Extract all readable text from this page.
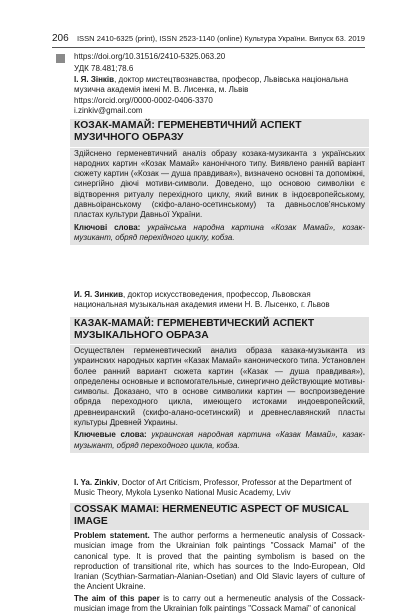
206	ISSN 2410-6325 (print), ISSN 2523-1140 (online) Культура України. Випуск 63. 2019
https://doi.org/10.31516/2410-5325.063.20
УДК 78.481;78.6

І. Я. Зінків, доктор мистецтвознавства, професор, Львівська національна музична академія імені М. В. Лисенка, м. Львів

https://orcid.org//0000-0002-0406-3370

i.zinkiv@gmail.com

КОЗАК-МАМАЙ: ГЕРМЕНЕВТИЧНИЙ АСПЕКТ МУЗИЧНОГО ОБРАЗУ

Здійснено герменевтичний аналіз образу козака-музиканта з українських народних картин «Козак Мамай» канонічного типу. Виявлено ранній варіант сюжету картин («Козак — душа правдивая»), визначено основні та допоміжні, синергійно діючі мотиви-символи. Доведено, що основою символіки є відтворення ритуалу перехідного циклу, який виник в індоєвропейському, давньоіранському (скіфо-алано-осетинському) та давньослов'янському пластах культури Давньої України.

Ключові слова: українська народна картина «Козак Мамай», козак-музикант, обряд перехідного циклу, кобза.

И. Я. Зинкив, доктор искусствоведения, профессор, Львовская национальная музыкальная академия имени Н. В. Лысенко, г. Львов

КАЗАК-МАМАЙ: ГЕРМЕНЕВТИЧЕСКИЙ АСПЕКТ МУЗЫКАЛЬНОГО ОБРАЗА

Осуществлен герменевтический анализ образа казака-музыканта из украинских народных картин «Казак Мамай» канонического типа. Установлен более ранний вариант сюжета картин («Казак — душа правдивая»), определены основные и вспомогательные, синергично действующие мотивы-символы. Доказано, что в основе символики картин — воспроизведение обряда переходного цикла, имеющего истоками индоевропейский, древнеиранский (скифо-алано-осетинский) и древнеславянский пласты культуры Древней Украины.

Ключевые слова: украинская народная картина «Казак Мамай», казак-музыкант, обряд переходного цикла, кобза.

I. Ya. Zinkiv, Doctor of Art Criticism, Professor, Professor at the Department of Music Theory, Mykola Lysenko National Music Academy, Lviv

COSSAK MAMAI: HERMENEUTIC ASPECT OF MUSICAL IMAGE

Problem statement. The author performs a hermeneutic analysis of Cossack-musician image from the Ukrainian folk paintings "Cossack Mamai" of the canonical type. It is proved that the painting symbolism is based on the reproduction of transitional rite, which has sources to the Indo-European, Old Iranian (Scythian-Sarmatian-Alanian-Osetian) and Old Slavic layers of culture of the Ancient Ukraine.

The aim of this paper is to carry out a hermeneutic analysis of the Cossack-musician image from the Ukrainian folk paintings "Cossack Mamai" of canonical
